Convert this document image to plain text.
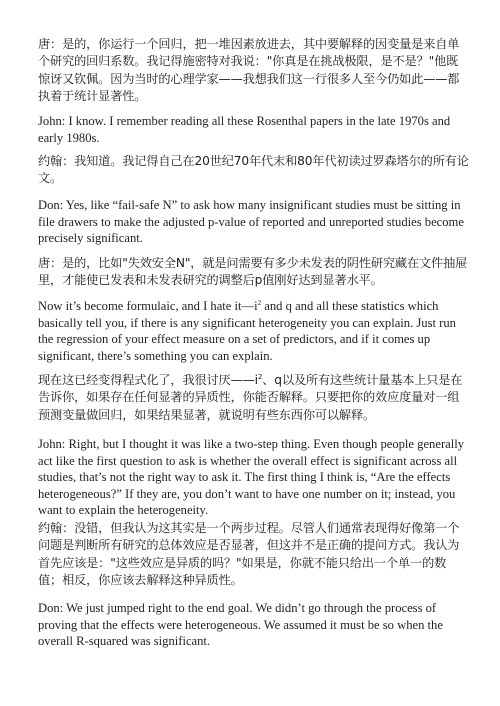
唐：是的，你运行一个回归，把一堆因素放进去，其中要解释的因变量是来自单个研究的回归系数。我记得施密特对我说："你真是在挑战极限，是不是？"他既惊讶又钦佩。因为当时的心理学家——我想我们这一行很多人至今仍如此——都执着于统计显著性。

John: I know. I remember reading all these Rosenthal papers in the late 1970s and early 1980s.

约翰：我知道。我记得自己在20世纪70年代末和80年代初读过罗森塔尔的所有论文。

Don: Yes, like “fail-safe N” to ask how many insignificant studies must be sitting in file drawers to make the adjusted p-value of reported and unreported studies become precisely significant.

唐：是的，比如"失效安全N"，就是问需要有多少未发表的阴性研究藏在文件抽屉里，才能使已发表和未发表研究的调整后p值刚好达到显著水平。

Now it’s become formulaic, and I hate $it—i^2$ and q and all these statistics which basically tell you, if there is any significant heterogeneity you can explain. Just run the regression of your effect measure on a set of predictors, and if it comes up significant, there’s something you can explain.

现在这已经变得程式化了，我很讨厌$——i^2$、q以及所有这些统计量基本上只是在告诉你，如果存在任何显著的异质性，你能否解释。只要把你的效应度量对一组预测变量做回归，如果结果显著，就说明有些东西你可以解释。

John: Right, but I thought it was like a two-step thing. Even though people generally act like the first question to ask is whether the overall effect is significant across all studies, that’s not the right way to ask it. The first thing I think is, “Are the effects heterogeneous?” If they are, you don’t want to have one number on it; instead, you want to explain the heterogeneity.

约翰：没错，但我认为这其实是一个两步过程。尽管人们通常表现得好像第一个问题是判断所有研究的总体效应是否显著，但这并不是正确的提问方式。我认为首先应该是："这些效应是异质的吗？"如果是，你就不能只给出一个单一的数值；相反，你应该去解释这种异质性。

Don: We just jumped right to the end goal. We didn’t go through the process of proving that the effects were heterogeneous. We assumed it must be so when the overall R-squared was significant.
